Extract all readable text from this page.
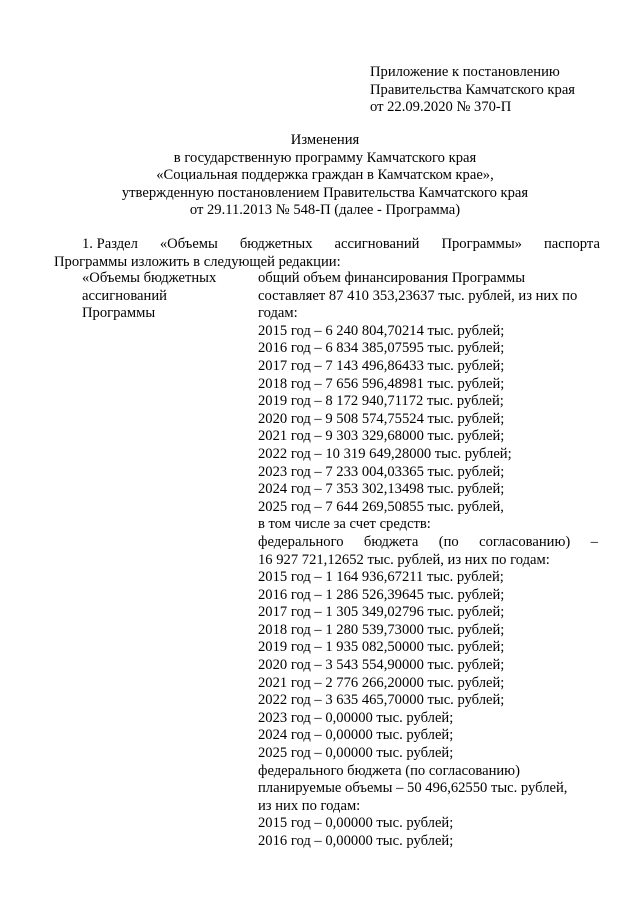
Приложение к постановлению
Правительства Камчатского края
от 22.09.2020 № 370-П
Изменения
в государственную программу Камчатского края
«Социальная поддержка граждан в Камчатском крае»,
утвержденную постановлением Правительства Камчатского края
от 29.11.2013 № 548-П (далее - Программа)
1. Раздел «Объемы бюджетных ассигнований Программы» паспорта
Программы изложить в следующей редакции:
«Объемы бюджетных
ассигнований
Программы
общий объем финансирования Программы
составляет 87 410 353,23637 тыс. рублей, из них по
годам:
2015 год – 6 240 804,70214 тыс. рублей;
2016 год – 6 834 385,07595 тыс. рублей;
2017 год – 7 143 496,86433 тыс. рублей;
2018 год – 7 656 596,48981 тыс. рублей;
2019 год – 8 172 940,71172 тыс. рублей;
2020 год – 9 508 574,75524 тыс. рублей;
2021 год – 9 303 329,68000 тыс. рублей;
2022 год – 10 319 649,28000 тыс. рублей;
2023 год – 7 233 004,03365 тыс. рублей;
2024 год – 7 353 302,13498 тыс. рублей;
2025 год – 7 644 269,50855 тыс. рублей,
в том числе за счет средств:
федерального бюджета (по согласованию) –
16 927 721,12652 тыс. рублей, из них по годам:
2015 год – 1 164 936,67211 тыс. рублей;
2016 год – 1 286 526,39645 тыс. рублей;
2017 год – 1 305 349,02796 тыс. рублей;
2018 год – 1 280 539,73000 тыс. рублей;
2019 год – 1 935 082,50000 тыс. рублей;
2020 год – 3 543 554,90000 тыс. рублей;
2021 год – 2 776 266,20000 тыс. рублей;
2022 год – 3 635 465,70000 тыс. рублей;
2023 год – 0,00000 тыс. рублей;
2024 год – 0,00000 тыс. рублей;
2025 год – 0,00000 тыс. рублей;
федерального бюджета (по согласованию)
планируемые объемы – 50 496,62550 тыс. рублей,
из них по годам:
2015 год – 0,00000 тыс. рублей;
2016 год – 0,00000 тыс. рублей;
